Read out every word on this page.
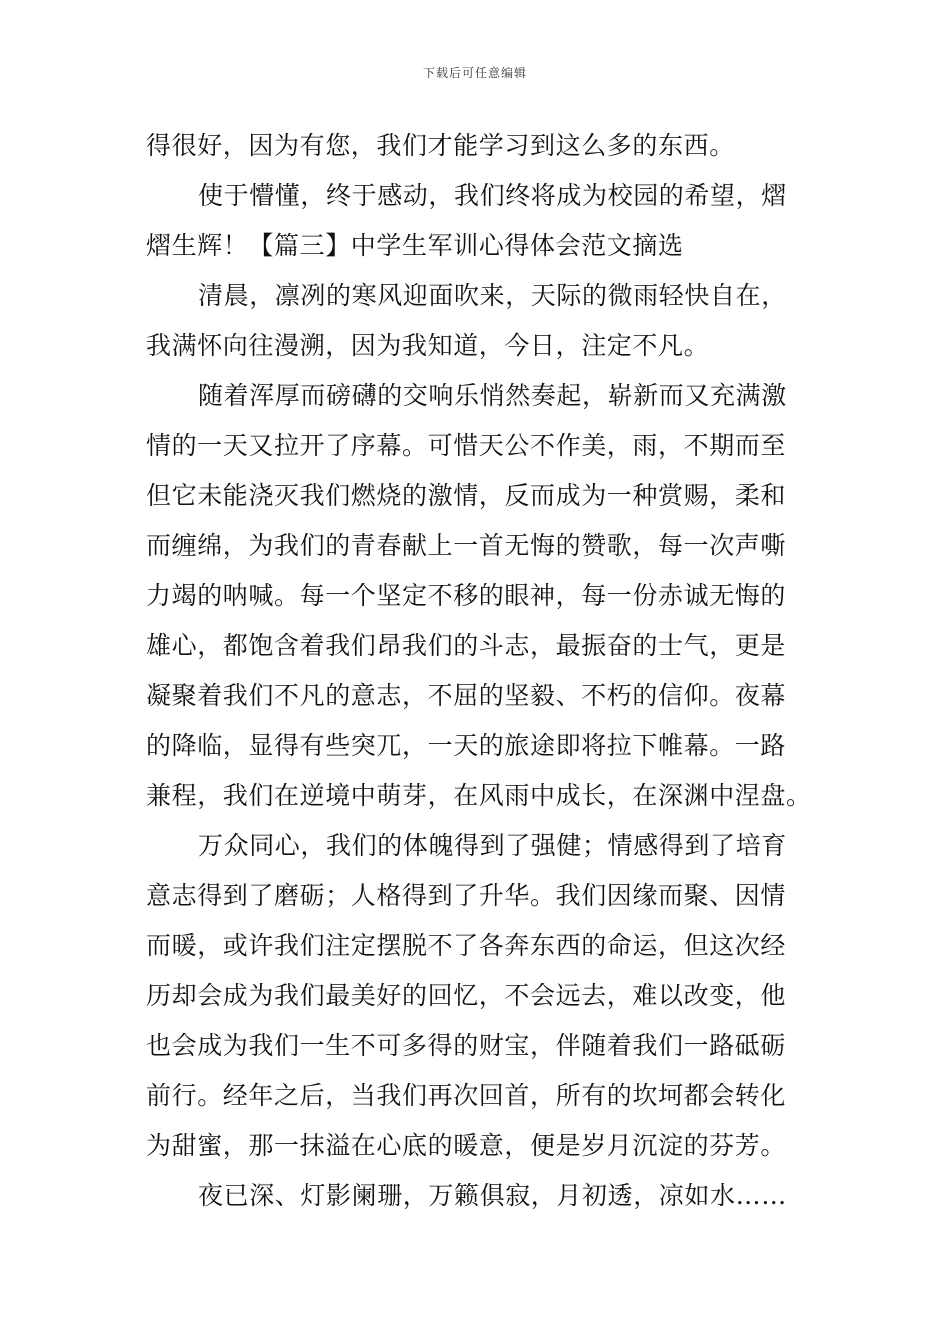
下载后可任意编辑
得很好，因为有您，我们才能学习到这么多的东西。
使于懵懂，终于感动，我们终将成为校园的希望，熠
熠生辉！【篇三】中学生军训心得体会范文摘选
清晨，凛冽的寒风迎面吹来，天际的微雨轻快自在，
我满怀向往漫溯，因为我知道，今日，注定不凡。
随着浑厚而磅礴的交响乐悄然奏起，崭新而又充满激
情的一天又拉开了序幕。可惜天公不作美，雨，不期而至
但它未能浇灭我们燃烧的激情，反而成为一种赏赐，柔和
而缠绵，为我们的青春献上一首无悔的赞歌，每一次声嘶
力竭的呐喊。每一个坚定不移的眼神，每一份赤诚无悔的
雄心，都饱含着我们昂我们的斗志，最振奋的士气，更是
凝聚着我们不凡的意志，不屈的坚毅、不朽的信仰。夜幕
的降临，显得有些突兀，一天的旅途即将拉下帷幕。一路
兼程，我们在逆境中萌芽，在风雨中成长，在深渊中涅盘。
万众同心，我们的体魄得到了强健；情感得到了培育
意志得到了磨砺；人格得到了升华。我们因缘而聚、因情
而暖，或许我们注定摆脱不了各奔东西的命运，但这次经
历却会成为我们最美好的回忆，不会远去，难以改变，他
也会成为我们一生不可多得的财宝，伴随着我们一路砥砺
前行。经年之后，当我们再次回首，所有的坎坷都会转化
为甜蜜，那一抹溢在心底的暖意，便是岁月沉淀的芬芳。
夜已深、灯影阑珊，万籁俱寂，月初透，凉如水……
